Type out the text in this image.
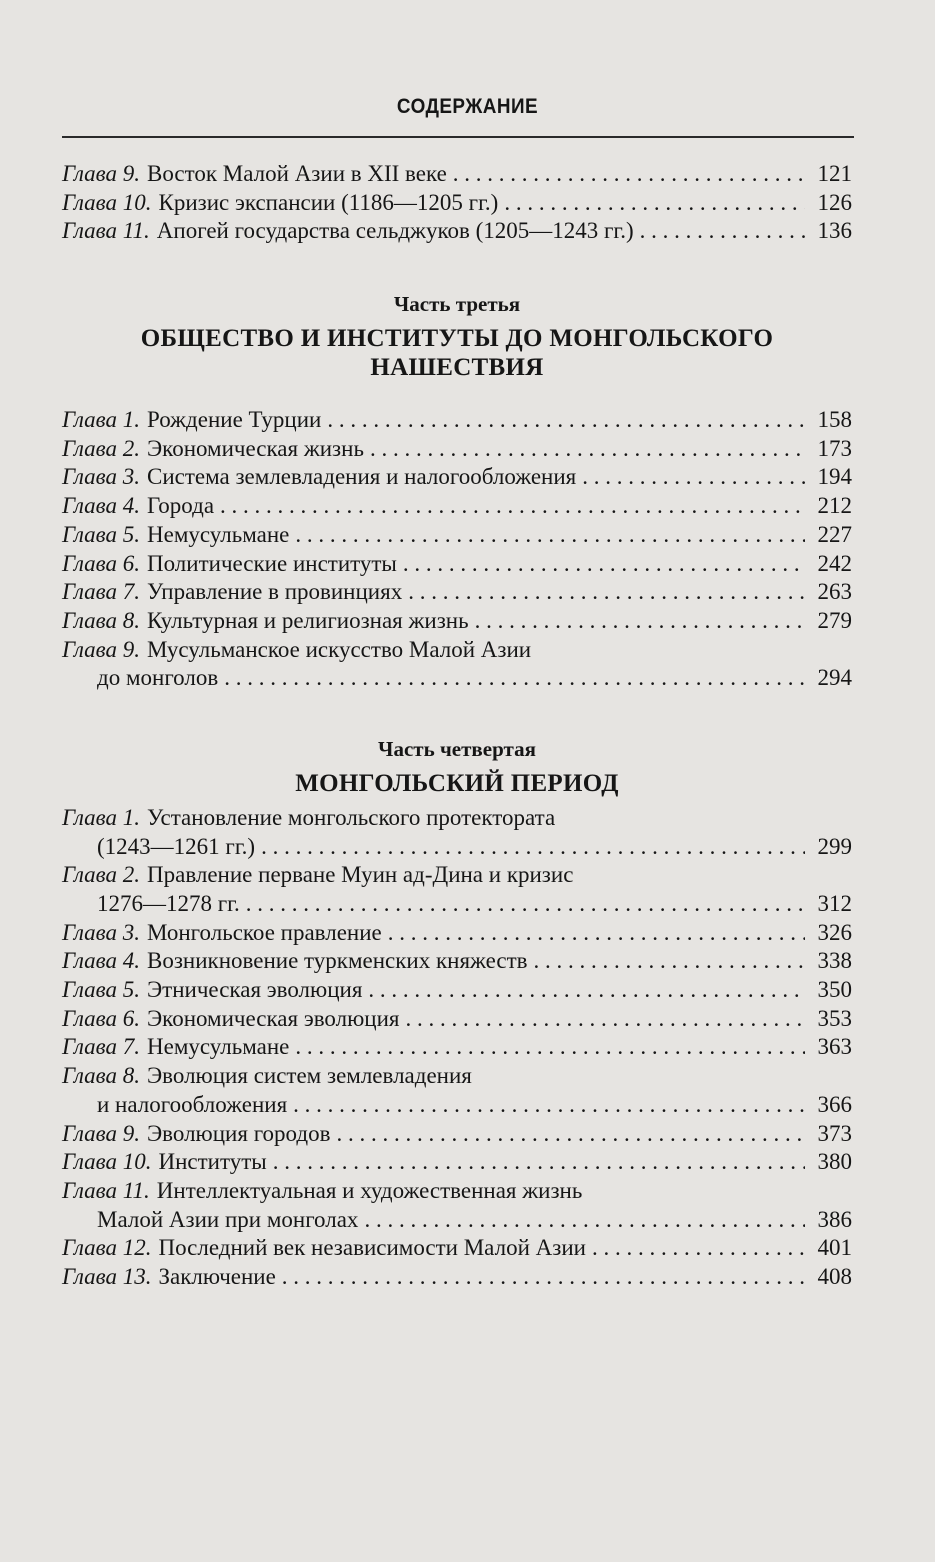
СОДЕРЖАНИЕ
Глава 9. Восток Малой Азии в XII веке . . .	121
Глава 10. Кризис экспансии (1186—1205 гг.) . . .	126
Глава 11. Апогей государства сельджуков (1205—1243 гг.) . . .	136
Часть третья
ОБЩЕСТВО И ИНСТИТУТЫ ДО МОНГОЛЬСКОГО
НАШЕСТВИЯ
Глава 1. Рождение Турции . . .	158
Глава 2. Экономическая жизнь . . .	173
Глава 3. Система землевладения и налогообложения . . .	194
Глава 4. Города . . .	212
Глава 5. Немусульмане . . .	227
Глава 6. Политические институты . . .	242
Глава 7. Управление в провинциях . . .	263
Глава 8. Культурная и религиозная жизнь . . .	279
Глава 9. Мусульманское искусство Малой Азии
до монголов . . .	294
Часть четвертая
МОНГОЛЬСКИЙ ПЕРИОД
Глава 1. Установление монгольского протектората
(1243—1261 гг.) . . .	299
Глава 2. Правление перване Муин ад-Дина и кризис
1276—1278 гг. . . .	312
Глава 3. Монгольское правление . . .	326
Глава 4. Возникновение туркменских княжеств . . .	338
Глава 5. Этническая эволюция . . .	350
Глава 6. Экономическая эволюция . . .	353
Глава 7. Немусульмане . . .	363
Глава 8. Эволюция систем землевладения
и налогообложения . . .	366
Глава 9. Эволюция городов . . .	373
Глава 10. Институты . . .	380
Глава 11. Интеллектуальная и художественная жизнь
Малой Азии при монголах . . .	386
Глава 12. Последний век независимости Малой Азии . . .	401
Глава 13. Заключение . . .	408
